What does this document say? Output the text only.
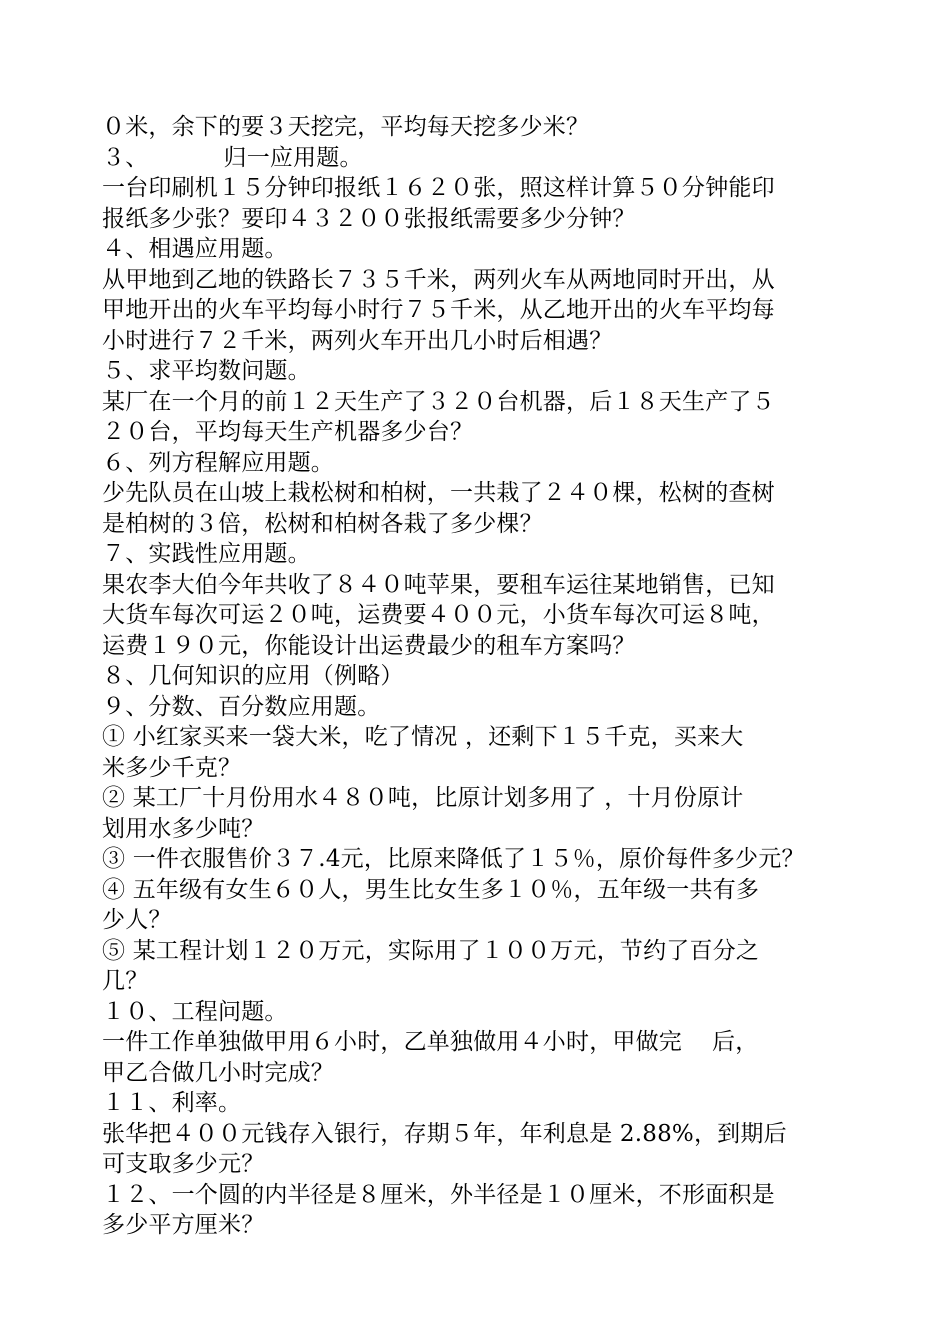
０米，余下的要３天挖完，平均每天挖多少米？
３、          归一应用题。
一台印刷机１５分钟印报纸１６２０张，照这样计算５０分钟能印
报纸多少张？要印４３２００张报纸需要多少分钟？
４、相遇应用题。
从甲地到乙地的铁路长７３５千米，两列火车从两地同时开出，从
甲地开出的火车平均每小时行７５千米，从乙地开出的火车平均每
小时进行７２千米，两列火车开出几小时后相遇？
５、求平均数问题。
某厂在一个月的前１２天生产了３２０台机器，后１８天生产了５
２０台，平均每天生产机器多少台？
６、列方程解应用题。
少先队员在山坡上栽松树和柏树，一共栽了２４０棵，松树的查树
是柏树的３倍，松树和柏树各栽了多少棵？
７、实践性应用题。
果农李大伯今年共收了８４０吨苹果，要租车运往某地销售，已知
大货车每次可运２０吨，运费要４００元，小货车每次可运８吨，
运费１９０元，你能设计出运费最少的租车方案吗？
８、几何知识的应用（例略）
９、分数、百分数应用题。
① 小红家买来一袋大米，吃了情况 ，还剩下１５千克，买来大
米多少千克？
② 某工厂十月份用水４８０吨，比原计划多用了 ，十月份原计
划用水多少吨？
③ 一件衣服售价３７.4元，比原来降低了１５％，原价每件多少元？
④ 五年级有女生６０人，男生比女生多１０％，五年级一共有多
少人？
⑤ 某工程计划１２０万元，实际用了１００万元，节约了百分之
几？
１０、工程问题。
一件工作单独做甲用６小时，乙单独做用４小时，甲做完    后，
甲乙合做几小时完成？
１１、利率。
张华把４００元钱存入银行，存期５年，年利息是 2.88%，到期后
可支取多少元？
１２、一个圆的内半径是８厘米，外半径是１０厘米，不形面积是
多少平方厘米？
